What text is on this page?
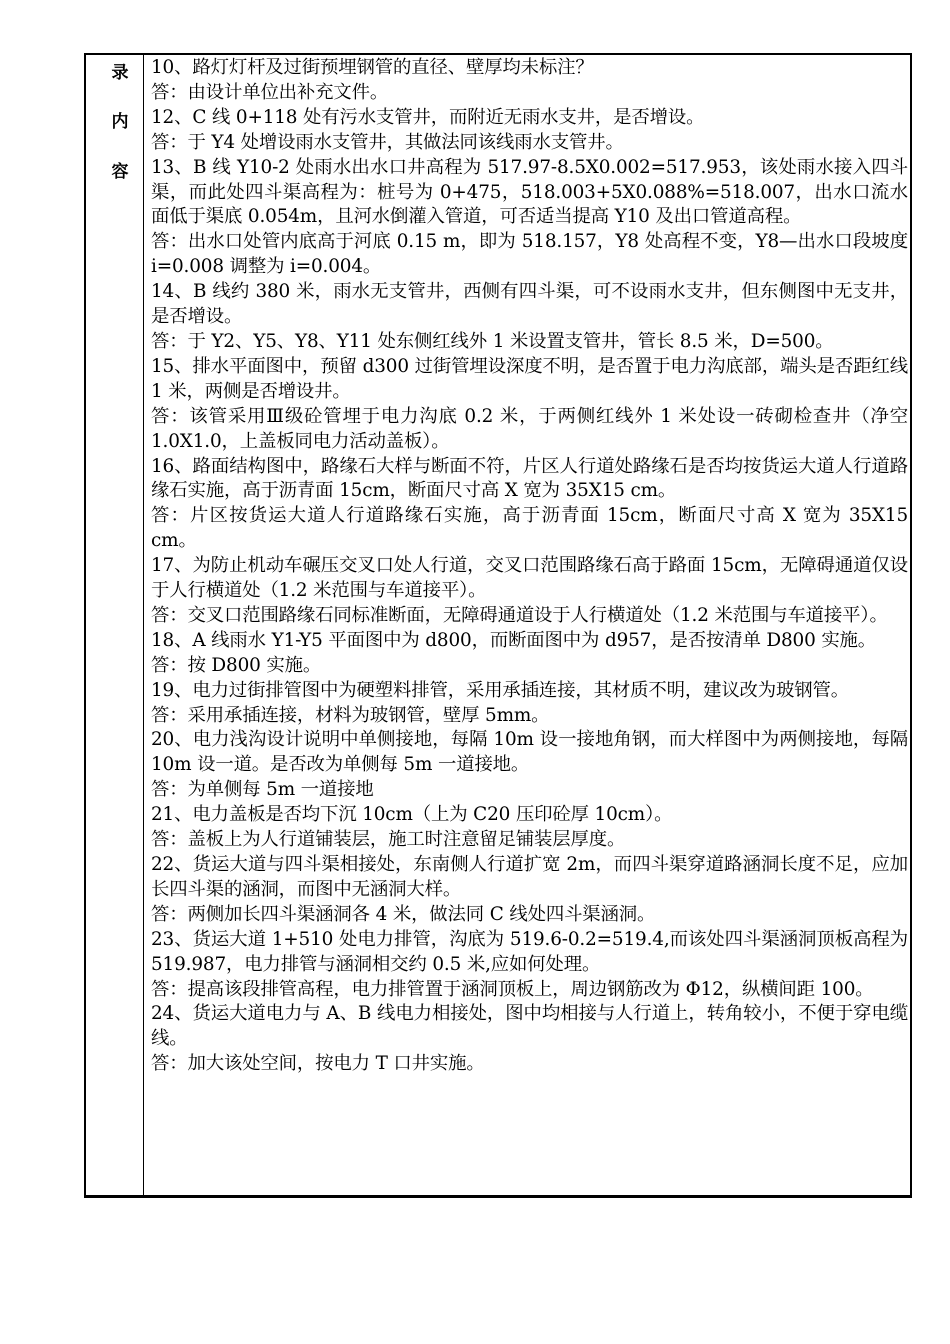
录
内
容

10、路灯灯杆及过街预埋钢管的直径、壁厚均未标注？

答：由设计单位出补充文件。

12、C 线 0+118 处有污水支管井，而附近无雨水支井，是否增设。

答：于 Y4 处增设雨水支管井，其做法同该线雨水支管井。

13、B 线 Y10-2 处雨水出水口井高程为 517.97-8.5X0.002=517.953，该处雨水接入四斗渠，而此处四斗渠高程为：桩号为 0+475，518.003+5X0.088%=518.007，出水口流水面低于渠底 0.054m，且河水倒灌入管道，可否适当提高 Y10 及出口管道高程。

答：出水口处管内底高于河底 0.15 m，即为 518.157，Y8 处高程不变，Y8—出水口段坡度 i=0.008 调整为 i=0.004。

14、B 线约 380 米，雨水无支管井，西侧有四斗渠，可不设雨水支井，但东侧图中无支井，是否增设。

答：于 Y2、Y5、Y8、Y11 处东侧红线外 1 米设置支管井，管长 8.5 米，D=500。

15、排水平面图中，预留 d300 过街管埋设深度不明，是否置于电力沟底部，端头是否距红线 1 米，两侧是否增设井。

答：该管采用Ⅲ级砼管埋于电力沟底 0.2 米，于两侧红线外 1 米处设一砖砌检查井（净空 1.0X1.0，上盖板同电力活动盖板）。

16、路面结构图中，路缘石大样与断面不符，片区人行道处路缘石是否均按货运大道人行道路缘石实施，高于沥青面 15cm，断面尺寸高 X 宽为 35X15 cm。

答：片区按货运大道人行道路缘石实施，高于沥青面 15cm，断面尺寸高 X 宽为 35X15 cm。

17、为防止机动车碾压交叉口处人行道，交叉口范围路缘石高于路面 15cm，无障碍通道仅设于人行横道处（1.2 米范围与车道接平）。

答：交叉口范围路缘石同标准断面，无障碍通道设于人行横道处（1.2 米范围与车道接平）。

18、A 线雨水 Y1-Y5 平面图中为 d800，而断面图中为 d957，是否按清单 D800 实施。

答：按 D800 实施。

19、电力过街排管图中为硬塑料排管，采用承插连接，其材质不明，建议改为玻钢管。

答：采用承插连接，材料为玻钢管，壁厚 5mm。

20、电力浅沟设计说明中单侧接地，每隔 10m 设一接地角钢，而大样图中为两侧接地，每隔 10m 设一道。是否改为单侧每 5m 一道接地。

答：为单侧每 5m 一道接地

21、电力盖板是否均下沉 10cm（上为 C20 压印砼厚 10cm）。

答：盖板上为人行道铺装层，施工时注意留足铺装层厚度。

22、货运大道与四斗渠相接处，东南侧人行道扩宽 2m，而四斗渠穿道路涵洞长度不足，应加长四斗渠的涵洞，而图中无涵洞大样。

答：两侧加长四斗渠涵洞各 4 米，做法同 C 线处四斗渠涵洞。

23、货运大道 1+510 处电力排管，沟底为 519.6-0.2=519.4,而该处四斗渠涵洞顶板高程为 519.987，电力排管与涵洞相交约 0.5 米,应如何处理。

答：提高该段排管高程，电力排管置于涵洞顶板上，周边钢筋改为 Φ12，纵横间距 100。

24、货运大道电力与 A、B 线电力相接处，图中均相接与人行道上，转角较小，不便于穿电缆线。

答：加大该处空间，按电力 T 口井实施。
